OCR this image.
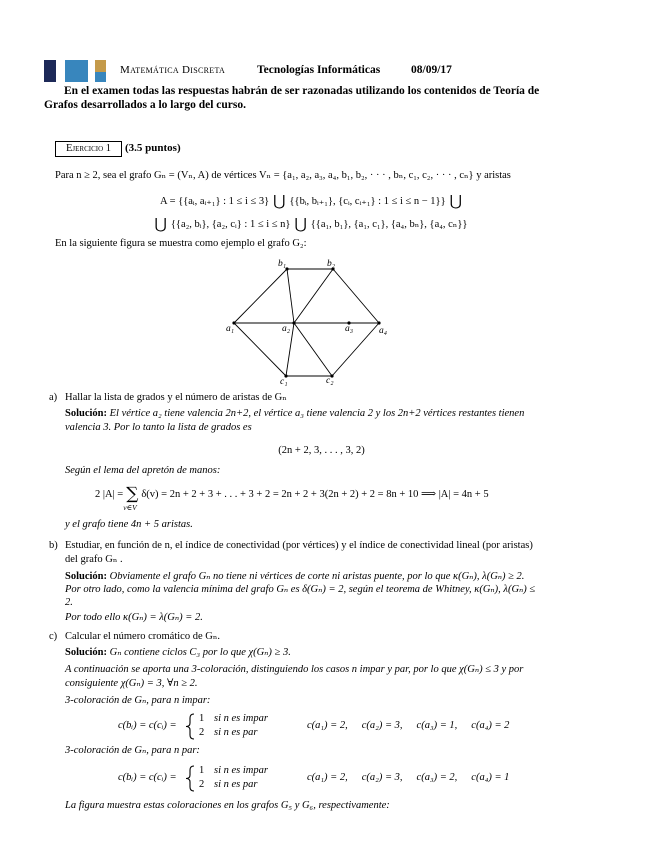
Matemática Discreta	Tecnologías Informáticas	08/09/17
En el examen todas las respuestas habrán de ser razonadas utilizando los contenidos de Teoría de
Grafos desarrollados a lo largo del curso.
Ejercicio 1 (3.5 puntos)
Para n ≥ 2, sea el grafo Gₙ = (Vₙ, A) de vértices Vₙ = {a₁, a₂, a₃, a₄, b₁, b₂, · · · , bₙ, c₁, c₂, · · · , cₙ} y aristas
A = {{aᵢ, aᵢ₊₁} : 1 ≤ i ≤ 3} ⋃ {{bᵢ, bᵢ₊₁}, {cᵢ, cᵢ₊₁} : 1 ≤ i ≤ n − 1}} ⋃
⋃ {{a₂, bᵢ}, {a₂, cᵢ} : 1 ≤ i ≤ n} ⋃ {{a₁, b₁}, {a₁, c₁}, {a₄, bₙ}, {a₄, cₙ}}
En la siguiente figura se muestra como ejemplo el grafo G₂:
b₁	b₂
a₁	a₂	a₃	a₄
c₁	c₂
a) Hallar la lista de grados y el número de aristas de Gₙ
Solución: El vértice a₂ tiene valencia 2n+2, el vértice a₃ tiene valencia 2 y los 2n+2 vértices restantes tienen
valencia 3. Por lo tanto la lista de grados es
(2n + 2, 3, . . . , 3, 2)
Según el lema del apretón de manos:
2 |A| = ∑
v∈V
δ(v) = 2n + 2 + 3 + . . . + 3 + 2 = 2n + 2 + 3(2n + 2) + 2 = 8n + 10 ⟹ |A| = 4n + 5
y el grafo tiene 4n + 5 aristas.
b) Estudiar, en función de n, el índice de conectividad (por vértices) y el índice de conectividad lineal (por aristas)
del grafo Gₙ .
Solución: Obviamente el grafo Gₙ no tiene ni vértices de corte ni aristas puente, por lo que κ(Gₙ), λ(Gₙ) ≥ 2.
Por otro lado, como la valencia mínima del grafo Gₙ es δ(Gₙ) = 2, según el teorema de Whitney, κ(Gₙ), λ(Gₙ) ≤
2.
Por todo ello κ(Gₙ) = λ(Gₙ) = 2.
c) Calcular el número cromático de Gₙ.
Solución: Gₙ contiene ciclos C₃ por lo que χ(Gₙ) ≥ 3.
A continuación se aporta una 3-coloración, distinguiendo los casos n impar y par, por lo que χ(Gₙ) ≤ 3 y por
consiguiente χ(Gₙ) = 3, ∀n ≥ 2.
3-coloración de Gₙ, para n impar:
c(bᵢ) = c(cᵢ) =
1 si n es impar
2 si n es par
c(a₁) = 2, c(a₂) = 3, c(a₃) = 1, c(a₄) = 2
3-coloración de Gₙ, para n par:
c(bᵢ) = c(cᵢ) =
1 si n es impar
2 si n es par
c(a₁) = 2, c(a₂) = 3, c(a₃) = 2, c(a₄) = 1
La figura muestra estas coloraciones en los grafos G₅ y G₆, respectivamente:
